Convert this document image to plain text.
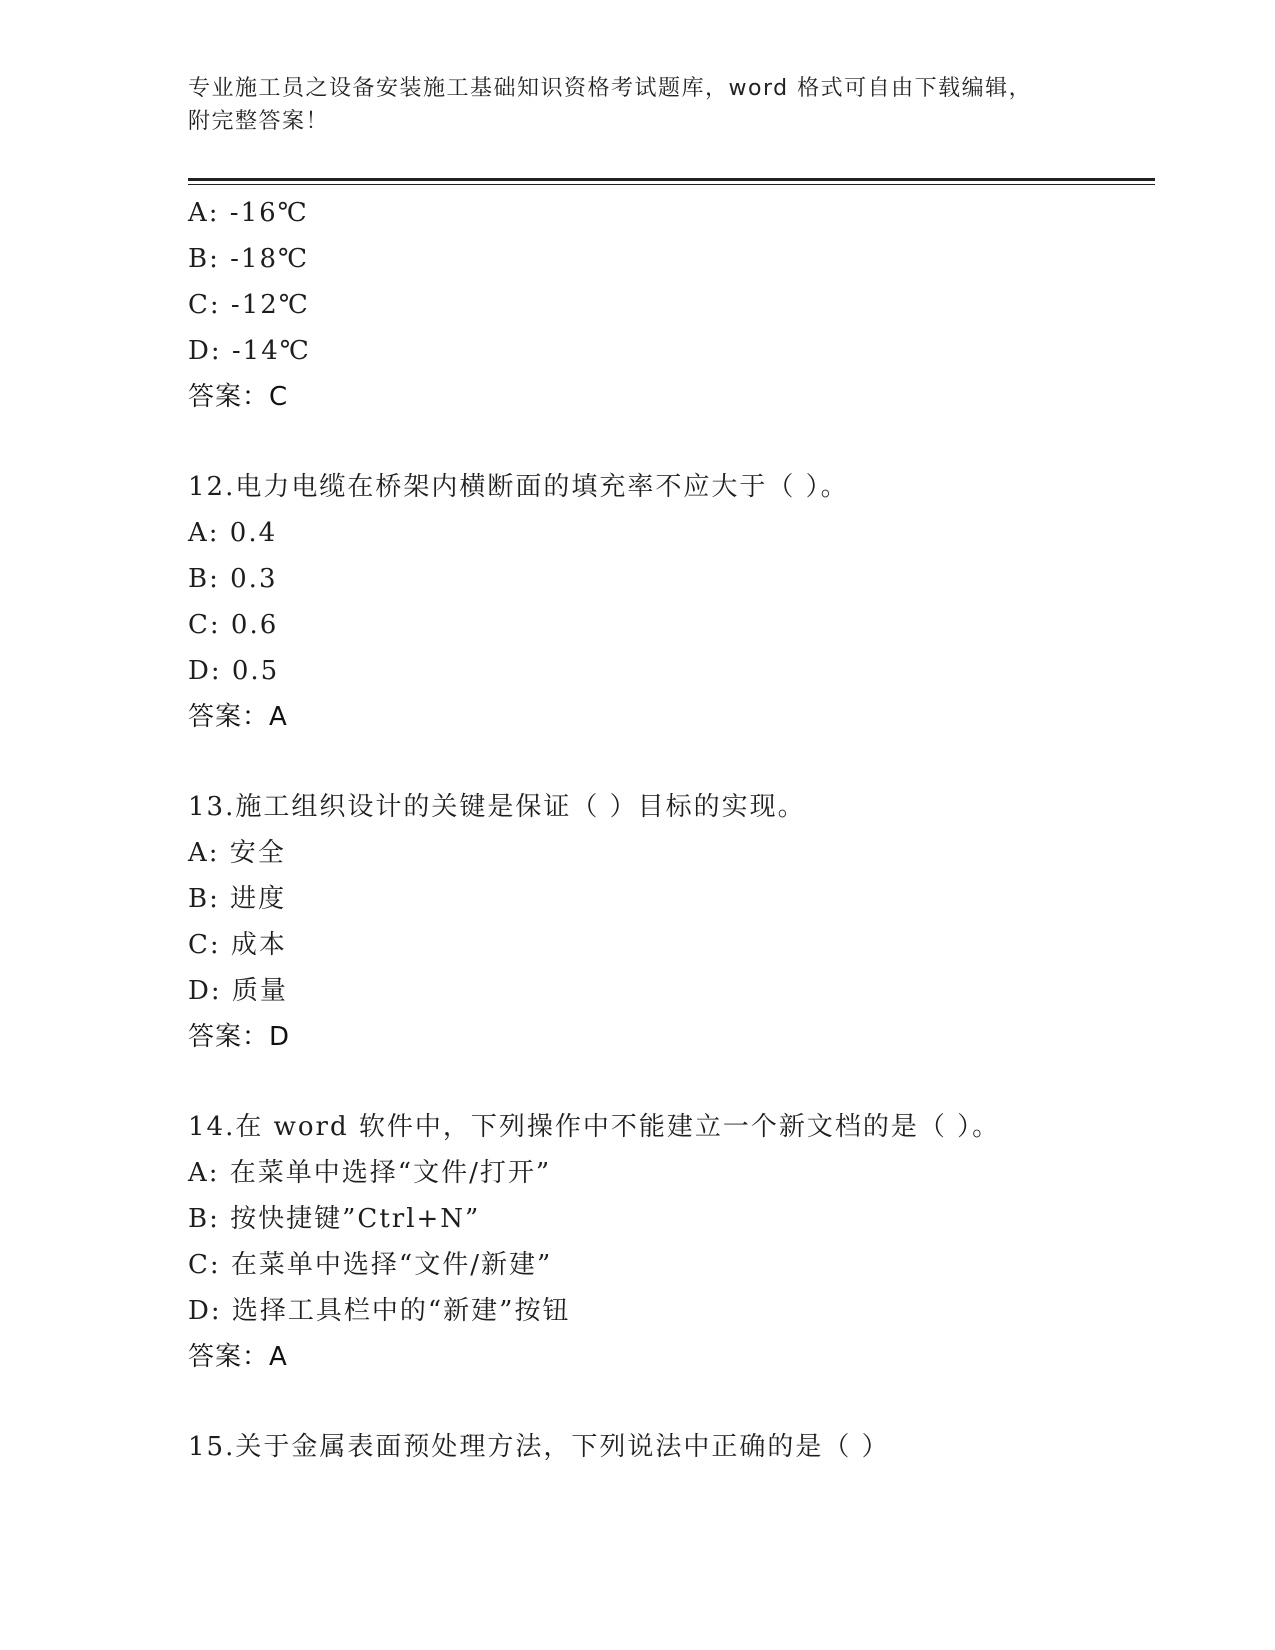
专业施工员之设备安装施工基础知识资格考试题库，word 格式可自由下载编辑，
附完整答案！
A: -16℃
B: -18℃
C: -12℃
D: -14℃
答案：C
12.电力电缆在桥架内横断面的填充率不应大于（ ）。
A: 0.4
B: 0.3
C: 0.6
D: 0.5
答案：A
13.施工组织设计的关键是保证（ ）目标的实现。
A: 安全
B: 进度
C: 成本
D: 质量
答案：D
14.在 word 软件中，下列操作中不能建立一个新文档的是（ ）。
A: 在菜单中选择“文件/打开”
B: 按快捷键”Ctrl+N”
C: 在菜单中选择“文件/新建”
D: 选择工具栏中的“新建”按钮
答案：A
15.关于金属表面预处理方法，下列说法中正确的是（ ）
